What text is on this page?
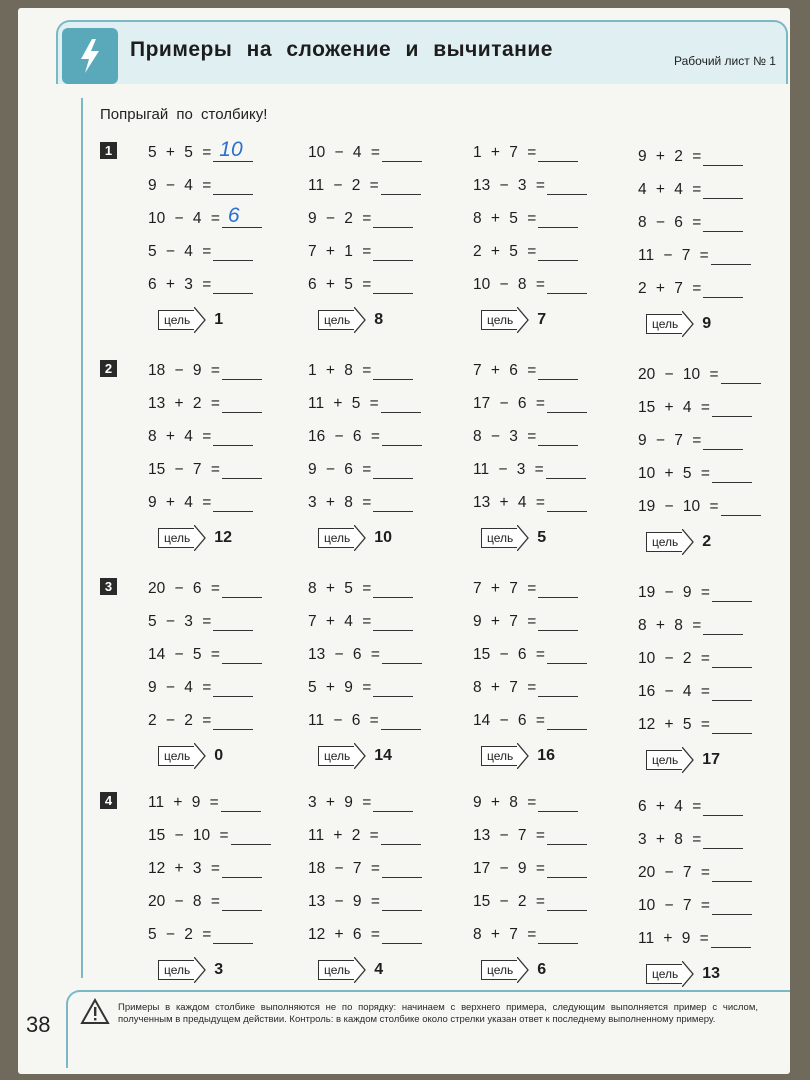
Примеры на сложение и вычитание	Рабочий лист № 1
Попрыгай по столбику!
1	5 + 5 = 10
9 − 4 =
10 − 4 = 6
5 − 4 =
6 + 3 =
цель 1
10 − 4 =
11 − 2 =
9 − 2 =
7 + 1 =
6 + 5 =
цель 8
1 + 7 =
13 − 3 =
8 + 5 =
2 + 5 =
10 − 8 =
цель 7
9 + 2 =
4 + 4 =
8 − 6 =
11 − 7 =
2 + 7 =
цель 9
2	18 − 9 =
13 + 2 =
8 + 4 =
15 − 7 =
9 + 4 =
цель 12
1 + 8 =
11 + 5 =
16 − 6 =
9 − 6 =
3 + 8 =
цель 10
7 + 6 =
17 − 6 =
8 − 3 =
11 − 3 =
13 + 4 =
цель 5
20 − 10 =
15 + 4 =
9 − 7 =
10 + 5 =
19 − 10 =
цель 2
3	20 − 6 =
5 − 3 =
14 − 5 =
9 − 4 =
2 − 2 =
цель 0
8 + 5 =
7 + 4 =
13 − 6 =
5 + 9 =
11 − 6 =
цель 14
7 + 7 =
9 + 7 =
15 − 6 =
8 + 7 =
14 − 6 =
цель 16
19 − 9 =
8 + 8 =
10 − 2 =
16 − 4 =
12 + 5 =
цель 17
4	11 + 9 =
15 − 10 =
12 + 3 =
20 − 8 =
5 − 2 =
цель 3
3 + 9 =
11 + 2 =
18 − 7 =
13 − 9 =
12 + 6 =
цель 4
9 + 8 =
13 − 7 =
17 − 9 =
15 − 2 =
8 + 7 =
цель 6
6 + 4 =
3 + 8 =
20 − 7 =
10 − 7 =
11 + 9 =
цель 13
38
Примеры в каждом столбике выполняются не по порядку: начинаем с верхнего примера, следующим выполняется пример с числом, полученным в предыдущем действии. Контроль: в каждом столбике около стрелки указан ответ к последнему выполненному примеру.
